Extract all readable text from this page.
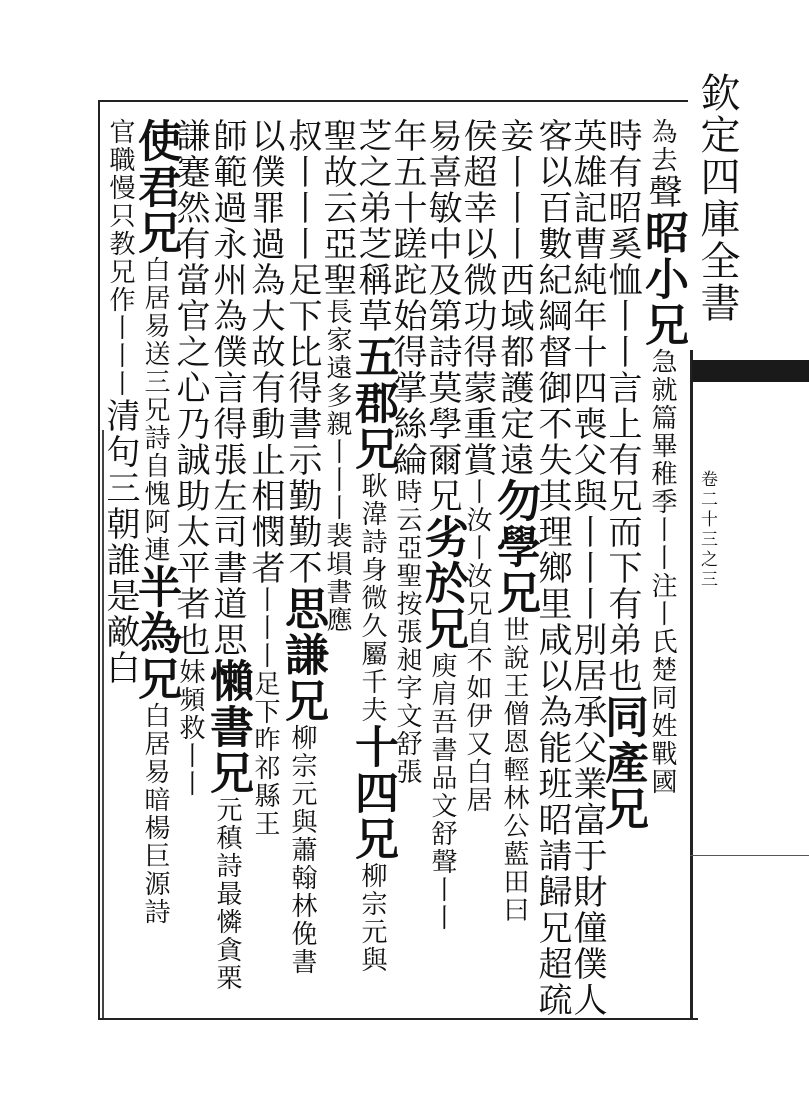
欽定四庫全書
卷二十三之三
為去聲昭小兄急就篇畢稚季丨丨注丨氏楚同姓戰國
時有昭奚恤丨丨言上有兄而下有弟也同產兄
英雄記曹純年十四喪父與丨丨丨別居承父業富于財僮僕人
客以百數紀綱督御不失其理鄉里咸以為能班昭請歸兄超疏
妾丨丨丨西域都護定遠勿學兄世說王僧恩輕林公藍田曰
侯超幸以微功得蒙重賞丨汝丨汝兄自不如伊又白居
易喜敏中及第詩莫學爾兄劣於兄庾肩吾書品文舒聲丨丨
年五十蹉跎始得掌絲綸時云亞聖按張昶字文舒張
芝之弟芝稱草五郡兄耿湋詩身微久屬千夫十四兄柳宗元與
聖故云亞聖長家遠多親丨丨丨裴塤書應
叔丨丨丨足下比得書示勤勤不思謙兄柳宗元與蕭翰林俛書
以僕罪過為大故有動止相憫者丨丨丨足下昨祁縣王
師範過永州為僕言得張左司書道思懶書兄元稹詩最憐貪栗
謙蹇然有當官之心乃誠助太平者也妹頻救丨丨
使君兄白居易送三兄詩自愧阿連半為兄白居易暗楊巨源詩
官職慢只教兄作丨丨丨清句三朝誰是敵白
